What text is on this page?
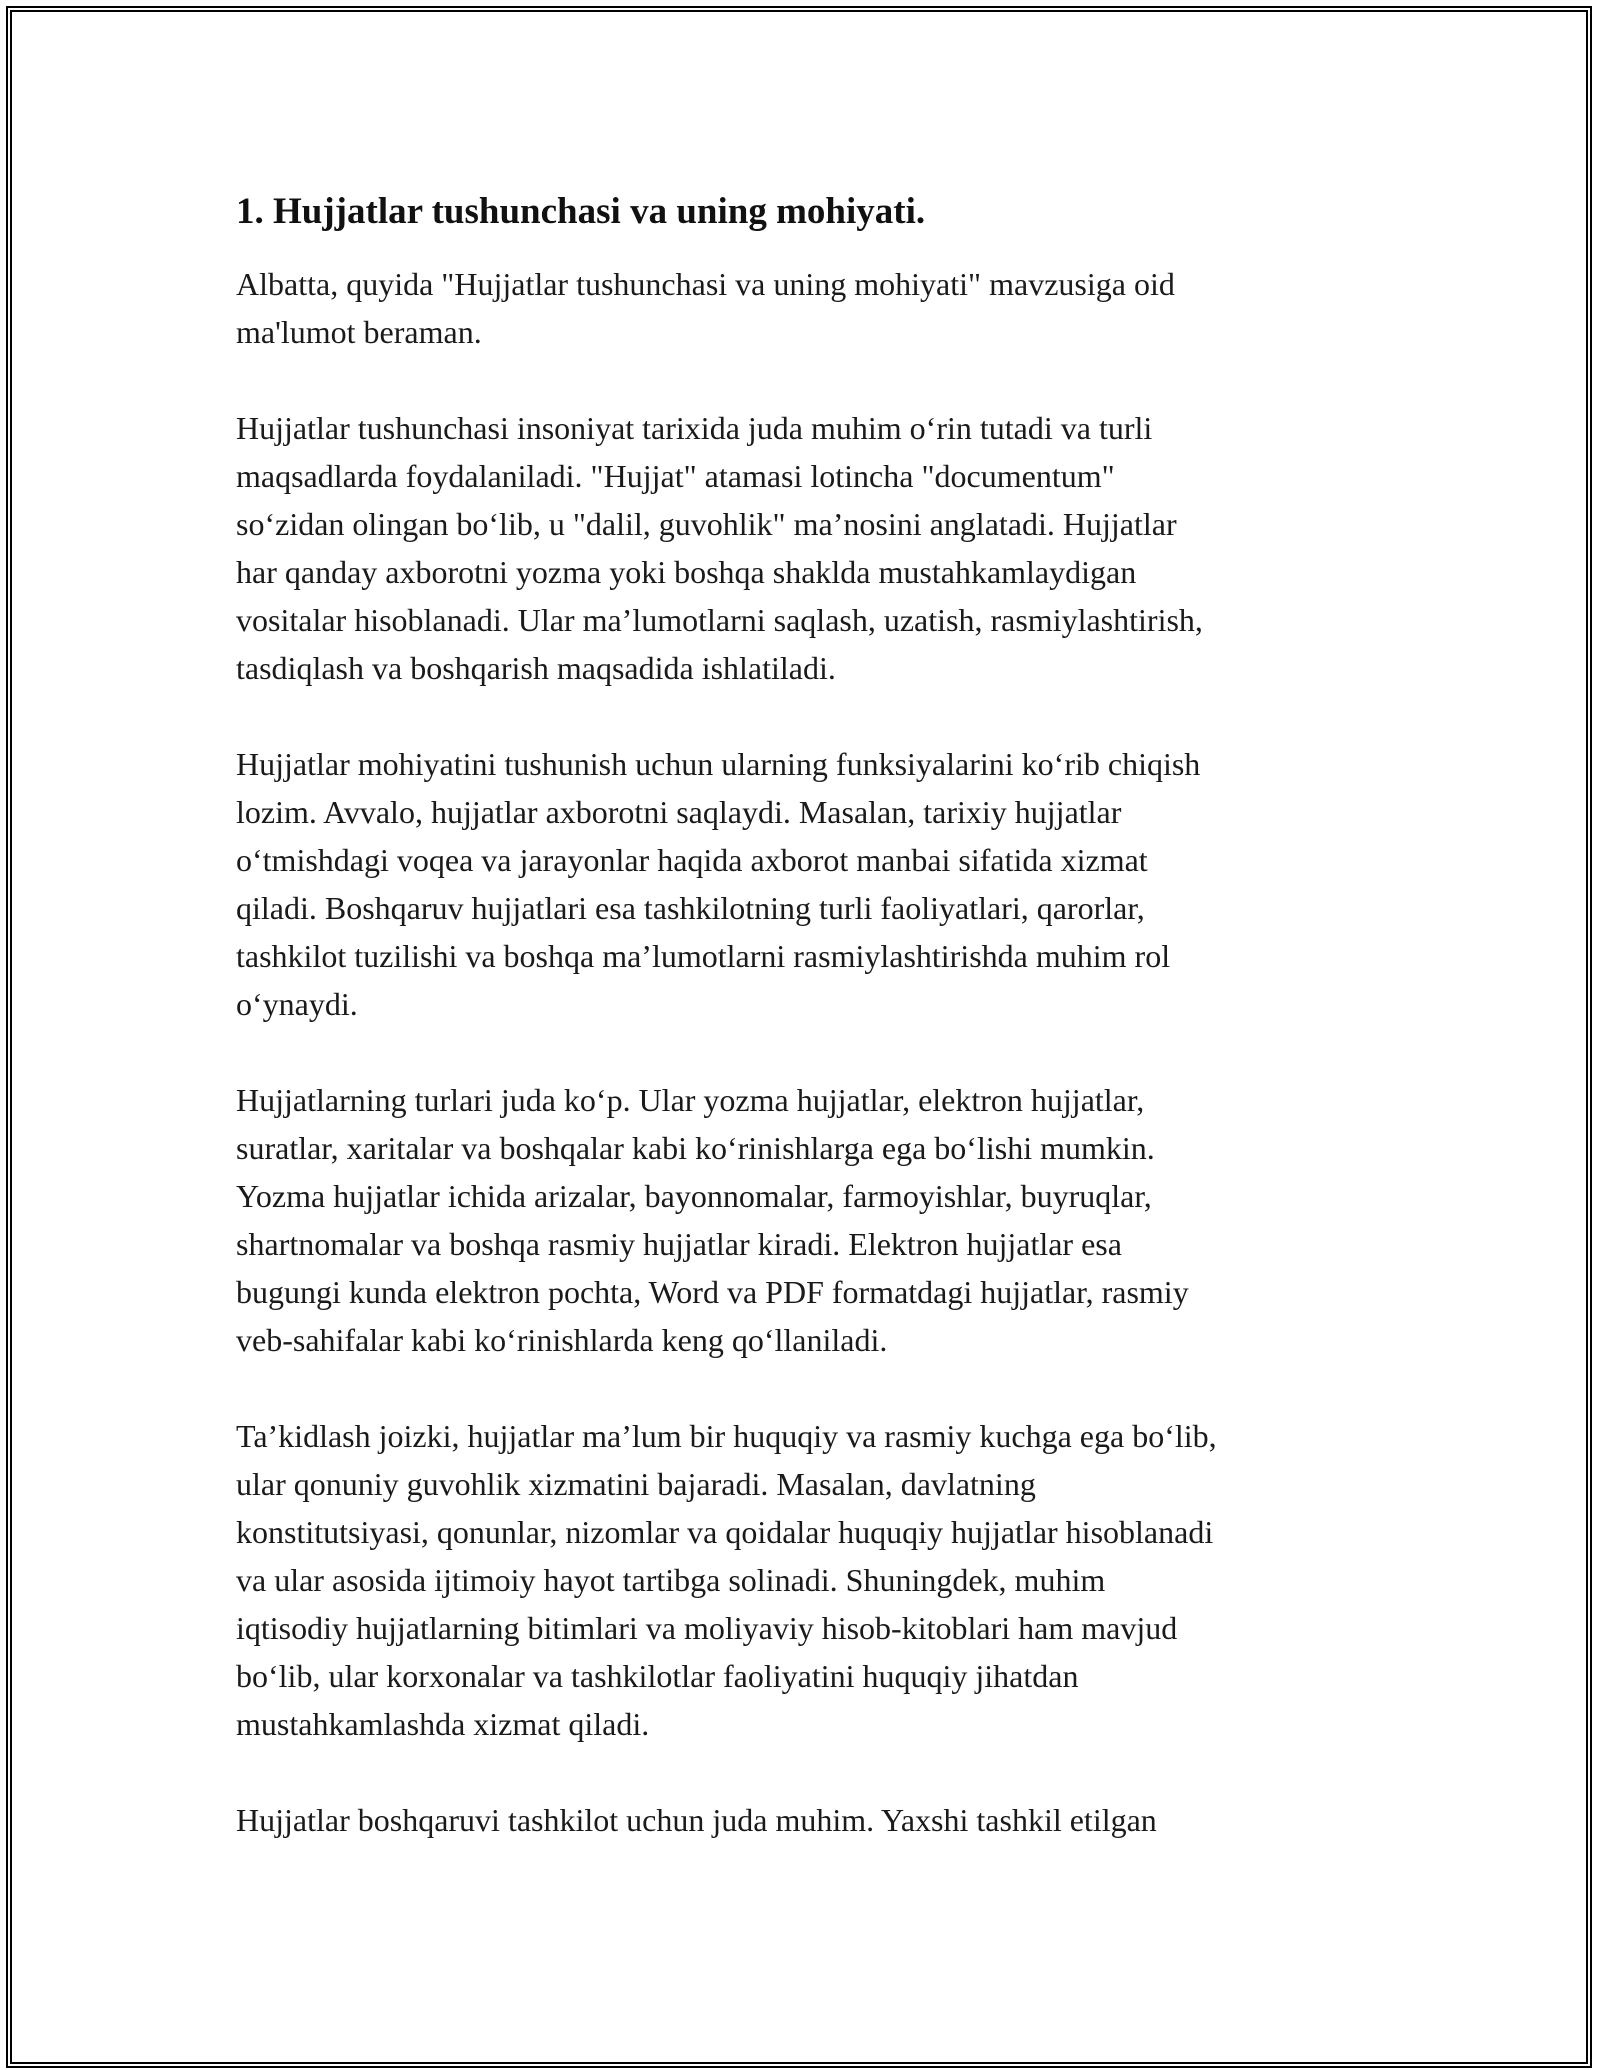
1. Hujjatlar tushunchasi va uning mohiyati.

Albatta, quyida "Hujjatlar tushunchasi va uning mohiyati" mavzusiga oid
ma'lumot beraman.

Hujjatlar tushunchasi insoniyat tarixida juda muhim o‘rin tutadi va turli
maqsadlarda foydalaniladi. "Hujjat" atamasi lotincha "documentum"
so‘zidan olingan bo‘lib, u "dalil, guvohlik" ma’nosini anglatadi. Hujjatlar
har qanday axborotni yozma yoki boshqa shaklda mustahkamlaydigan
vositalar hisoblanadi. Ular ma’lumotlarni saqlash, uzatish, rasmiylashtirish,
tasdiqlash va boshqarish maqsadida ishlatiladi.

Hujjatlar mohiyatini tushunish uchun ularning funksiyalarini ko‘rib chiqish
lozim. Avvalo, hujjatlar axborotni saqlaydi. Masalan, tarixiy hujjatlar
o‘tmishdagi voqea va jarayonlar haqida axborot manbai sifatida xizmat
qiladi. Boshqaruv hujjatlari esa tashkilotning turli faoliyatlari, qarorlar,
tashkilot tuzilishi va boshqa ma’lumotlarni rasmiylashtirishda muhim rol
o‘ynaydi.

Hujjatlarning turlari juda ko‘p. Ular yozma hujjatlar, elektron hujjatlar,
suratlar, xaritalar va boshqalar kabi ko‘rinishlarga ega bo‘lishi mumkin.
Yozma hujjatlar ichida arizalar, bayonnomalar, farmoyishlar, buyruqlar,
shartnomalar va boshqa rasmiy hujjatlar kiradi. Elektron hujjatlar esa
bugungi kunda elektron pochta, Word va PDF formatdagi hujjatlar, rasmiy
veb-sahifalar kabi ko‘rinishlarda keng qo‘llaniladi.

Ta’kidlash joizki, hujjatlar ma’lum bir huquqiy va rasmiy kuchga ega bo‘lib,
ular qonuniy guvohlik xizmatini bajaradi. Masalan, davlatning
konstitutsiyasi, qonunlar, nizomlar va qoidalar huquqiy hujjatlar hisoblanadi
va ular asosida ijtimoiy hayot tartibga solinadi. Shuningdek, muhim
iqtisodiy hujjatlarning bitimlari va moliyaviy hisob-kitoblari ham mavjud
bo‘lib, ular korxonalar va tashkilotlar faoliyatini huquqiy jihatdan
mustahkamlashda xizmat qiladi.

Hujjatlar boshqaruvi tashkilot uchun juda muhim. Yaxshi tashkil etilgan
